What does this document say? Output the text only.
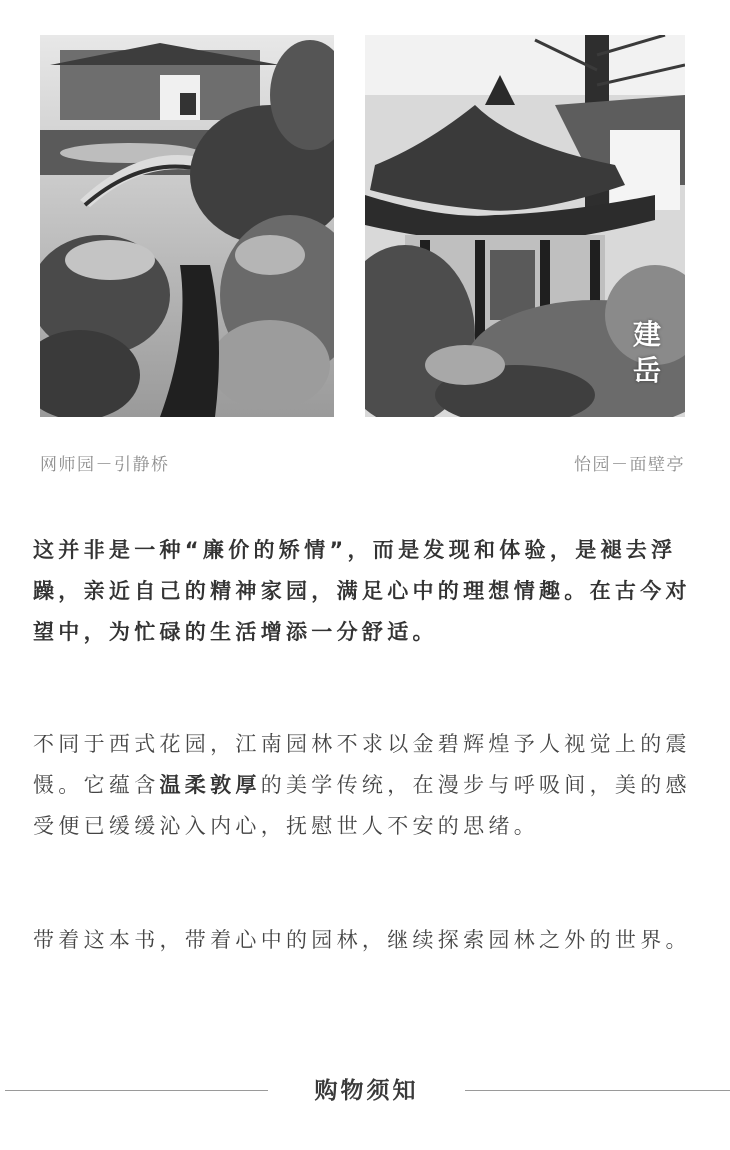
建
岳
网师园－引静桥	怡园－面壁亭

这并非是一种“廉价的矫情”，而是发现和体验，是褪去浮躁，亲近自己的精神家园，满足心中的理想情趣。在古今对望中，为忙碌的生活增添一分舒适。

不同于西式花园，江南园林不求以金碧辉煌予人视觉上的震慑。它蕴含温柔敦厚的美学传统，在漫步与呼吸间，美的感受便已缓缓沁入内心，抚慰世人不安的思绪。

带着这本书，带着心中的园林，继续探索园林之外的世界。

购物须知
